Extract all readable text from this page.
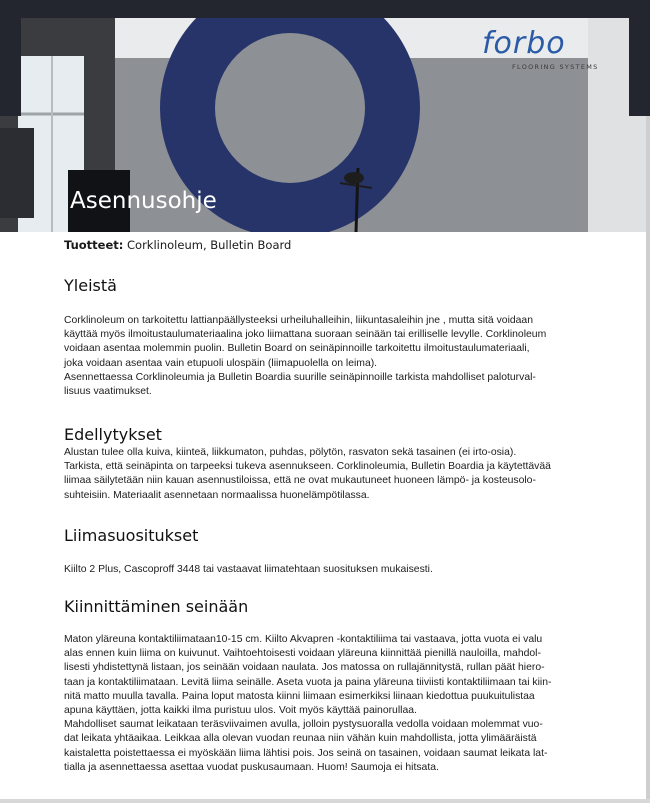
forbo
FLOORING SYSTEMS
Asennusohje

Tuotteet: Corklinoleum, Bulletin Board

Yleistä

Corklinoleum on tarkoitettu lattianpäällysteeksi urheiluhalleihin, liikuntasaleihin jne , mutta sitä voidaan
käyttää myös ilmoitustaulumateriaalina joko liimattana suoraan seinään tai erilliselle levylle. Corklinoleum
voidaan asentaa molemmin puolin. Bulletin Board on seinäpinnoille tarkoitettu ilmoitustaulumateriaali,
joka voidaan asentaa vain etupuoli ulospäin (liimapuolella on leima).
Asennettaessa Corklinoleumia ja Bulletin Boardia suurille seinäpinnoille tarkista mahdolliset paloturval-
lisuus vaatimukset.

Edellytykset

Alustan tulee olla kuiva, kiinteä, liikkumaton, puhdas, pölytön, rasvaton sekä tasainen (ei irto-osia).
Tarkista, että seinäpinta on tarpeeksi tukeva asennukseen. Corklinoleumia, Bulletin Boardia ja käytettävää
liimaa säilytetään niin kauan asennustiloissa, että ne ovat mukautuneet huoneen lämpö- ja kosteusolo-
suhteisiin. Materiaalit asennetaan normaalissa huonelämpötilassa.

Liimasuositukset

Kiilto 2 Plus, Cascoproff 3448 tai vastaavat liimatehtaan suosituksen mukaisesti.

Kiinnittäminen seinään

Maton yläreuna kontaktiliimataan10-15 cm. Kiilto Akvapren -kontaktiliima tai vastaava, jotta vuota ei valu
alas ennen kuin liima on kuivunut. Vaihtoehtoisesti voidaan yläreuna kiinnittää pienillä nauloilla, mahdol-
lisesti yhdistettynä listaan, jos seinään voidaan naulata. Jos matossa on rullajännitystä, rullan päät hiero-
taan ja kontaktiliimataan. Levitä liima seinälle. Aseta vuota ja paina yläreuna tiiviisti kontaktiliimaan tai kiin-
nitä matto muulla tavalla. Paina loput matosta kiinni liimaan esimerkiksi liinaan kiedottua puukuitulistaa
apuna käyttäen, jotta kaikki ilma puristuu ulos. Voit myös käyttää painorullaa.
Mahdolliset saumat leikataan teräsviivaimen avulla, jolloin pystysuoralla vedolla voidaan molemmat vuo-
dat leikata yhtäaikaa. Leikkaa alla olevan vuodan reunaa niin vähän kuin mahdollista, jotta ylimääräistä
kaistaletta poistettaessa ei myöskään liima lähtisi pois. Jos seinä on tasainen, voidaan saumat leikata lat-
tialla ja asennettaessa asettaa vuodat puskusaumaan. Huom! Saumoja ei hitsata.
